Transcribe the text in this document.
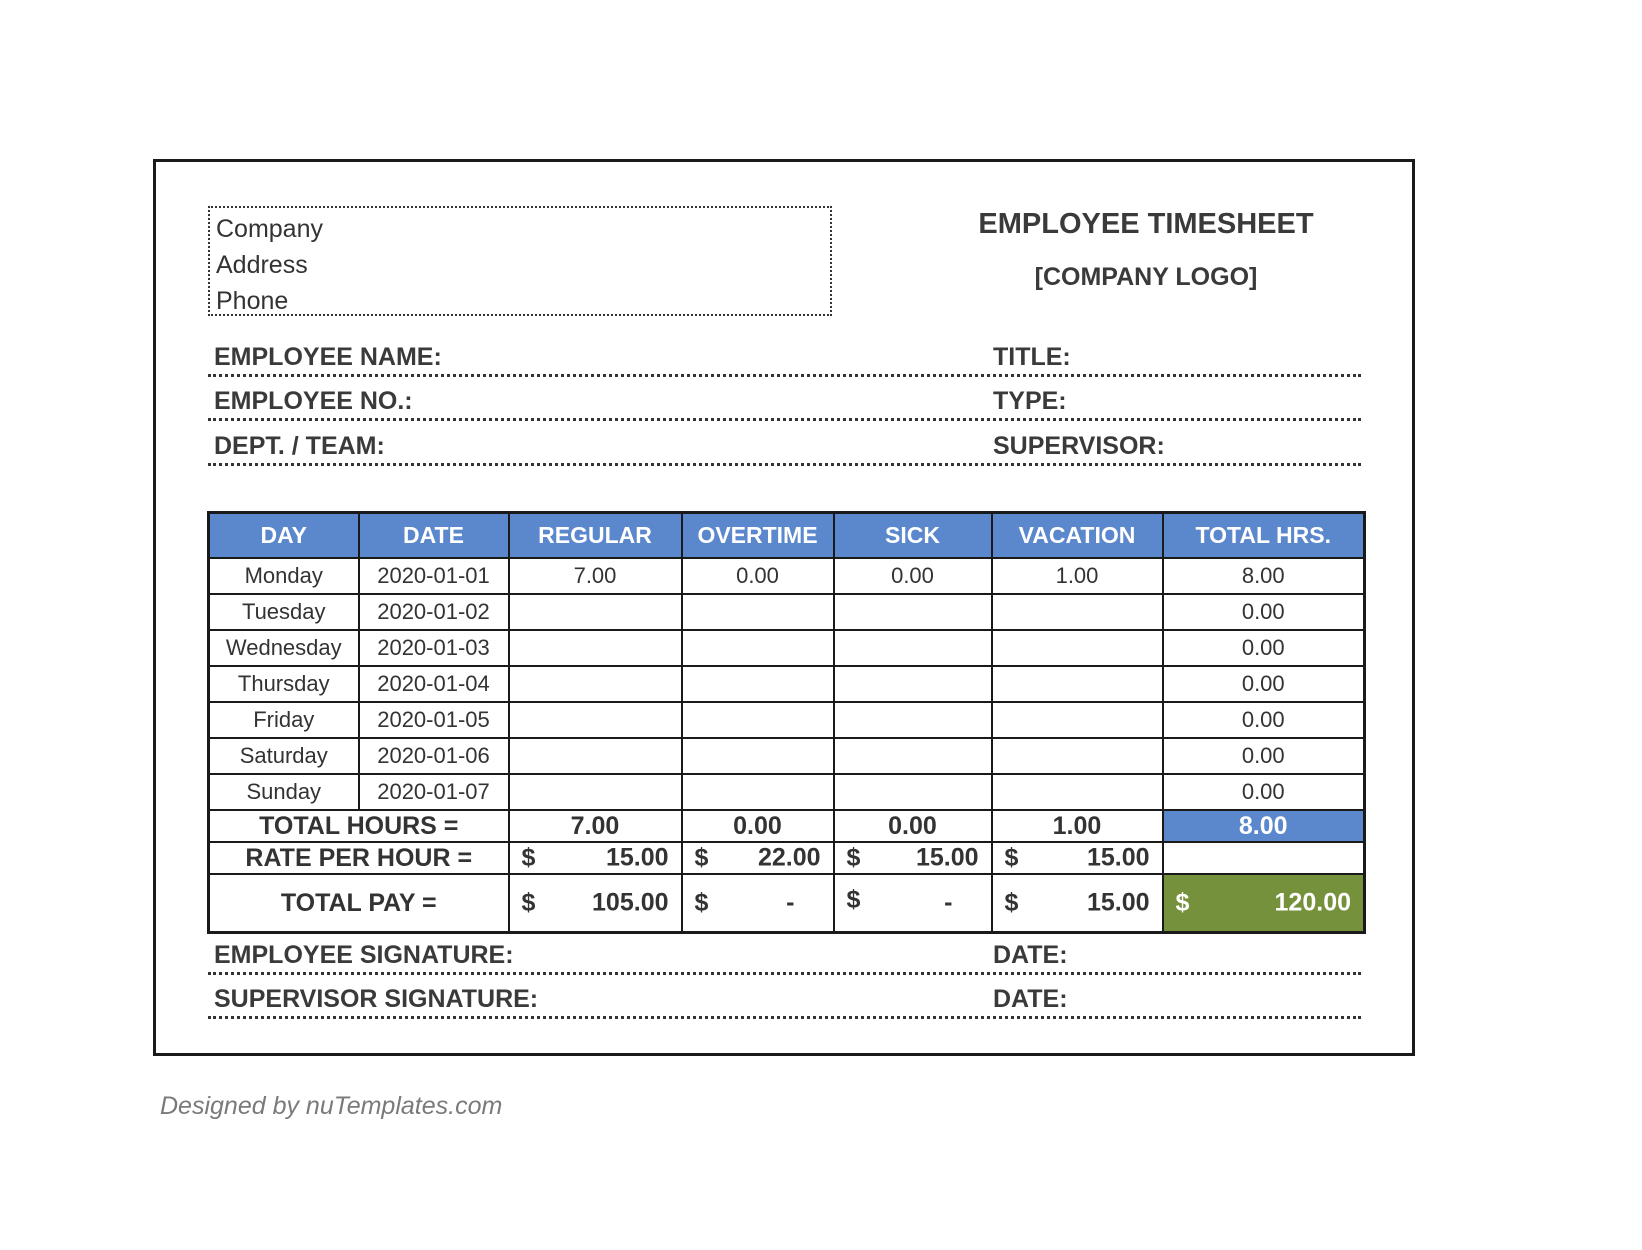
Company
Address
Phone
EMPLOYEE TIMESHEET
[COMPANY LOGO]
EMPLOYEE NAME:	TITLE:
EMPLOYEE NO.:	TYPE:
DEPT. / TEAM:	SUPERVISOR:
DAY	DATE	REGULAR	OVERTIME	SICK	VACATION	TOTAL HRS.
Monday	2020-01-01	7.00	0.00	0.00	1.00	8.00
Tuesday	2020-01-02					0.00
Wednesday	2020-01-03					0.00
Thursday	2020-01-04					0.00
Friday	2020-01-05					0.00
Saturday	2020-01-06					0.00
Sunday	2020-01-07					0.00
TOTAL HOURS =		7.00	0.00	0.00	1.00	8.00
RATE PER HOUR =		$ 15.00	$ 22.00	$ 15.00	$ 15.00	

TOTAL PAY =		$ 105.00	$ -	$ -	$ 15.00	$ 120.00
EMPLOYEE SIGNATURE:	DATE:
SUPERVISOR SIGNATURE:	DATE:
Designed by nuTemplates.com
